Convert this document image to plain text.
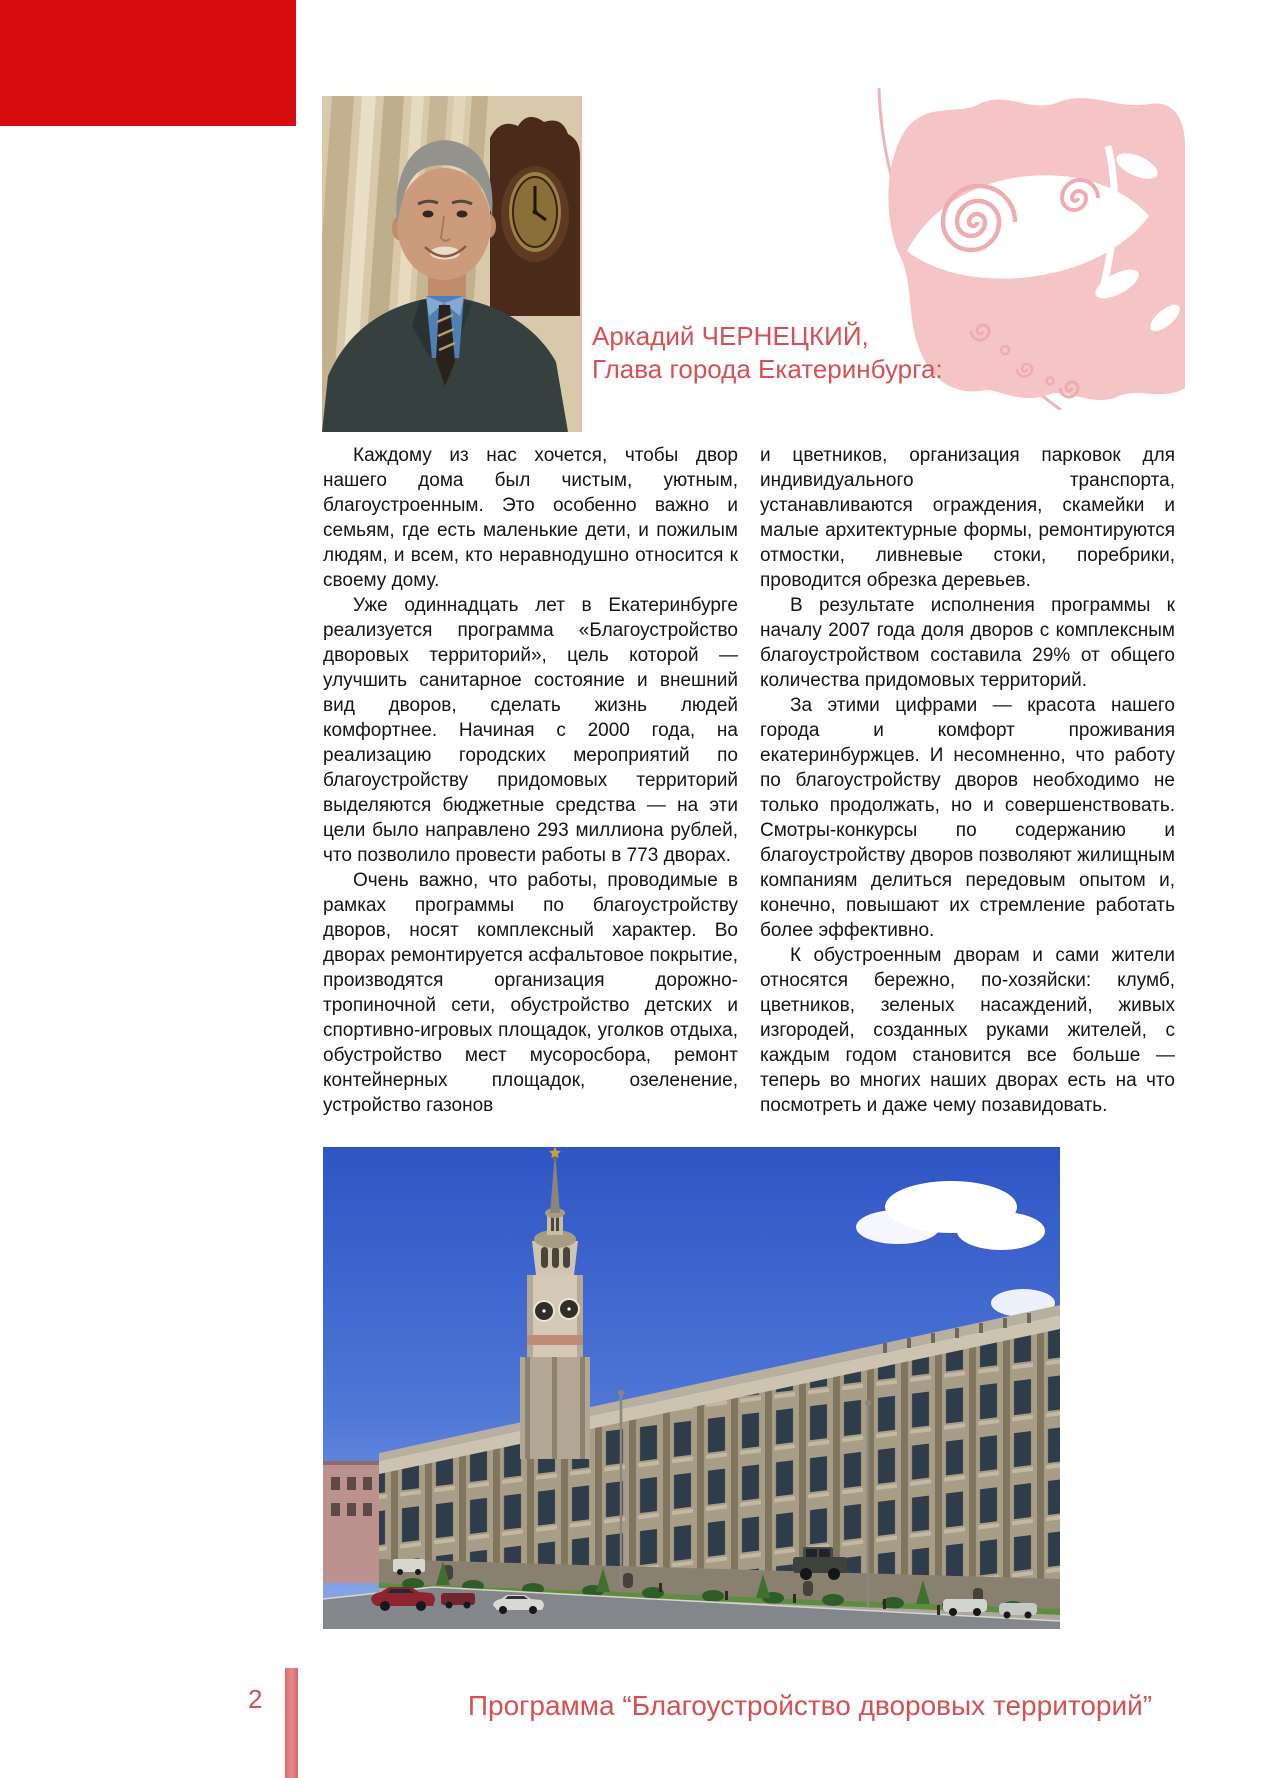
Аркадий ЧЕРНЕЦКИЙ,
Глава города Екатеринбурга:

Каждому из нас хочется, чтобы двор нашего дома был чистым, уютным, благоустроенным. Это особенно важно и семьям, где есть маленькие дети, и пожилым людям, и всем, кто неравнодушно относится к своему дому.

Уже одиннадцать лет в Екатеринбурге реализуется программа «Благоустройство дворовых территорий», цель которой — улучшить санитарное состояние и внешний вид дворов, сделать жизнь людей комфортнее. Начиная с 2000 года, на реализацию городских мероприятий по благоустройству придомовых территорий выделяются бюджетные средства — на эти цели было направлено 293 миллиона рублей, что позволило провести работы в 773 дворах.

Очень важно, что работы, проводимые в рамках программы по благоустройству дворов, носят комплексный характер. Во дворах ремонтируется асфальтовое покрытие, производятся организация дорожно-тропиночной сети, обустройство детских и спортивно-игровых площадок, уголков отдыха, обустройство мест мусоросбора, ремонт контейнерных площадок, озеленение, устройство газонов

и цветников, организация парковок для индивидуального транспорта, устанавливаются ограждения, скамейки и малые архитектурные формы, ремонтируются отмостки, ливневые стоки, поребрики, проводится обрезка деревьев.

В результате исполнения программы к началу 2007 года доля дворов с комплексным благоустройством составила 29% от общего количества придомовых территорий.

За этими цифрами — красота нашего города и комфорт проживания екатеринбуржцев. И несомненно, что работу по благоустройству дворов необходимо не только продолжать, но и совершенствовать. Смотры-конкурсы по содержанию и благоустройству дворов позволяют жилищным компаниям делиться передовым опытом и, конечно, повышают их стремление работать более эффективно.

К обустроенным дворам и сами жители относятся бережно, по-хозяйски: клумб, цветников, зеленых насаждений, живых изгородей, созданных руками жителей, с каждым годом становится все больше — теперь во многих наших дворах есть на что посмотреть и даже чему позавидовать.

2	Программа “Благоустройство дворовых территорий”
